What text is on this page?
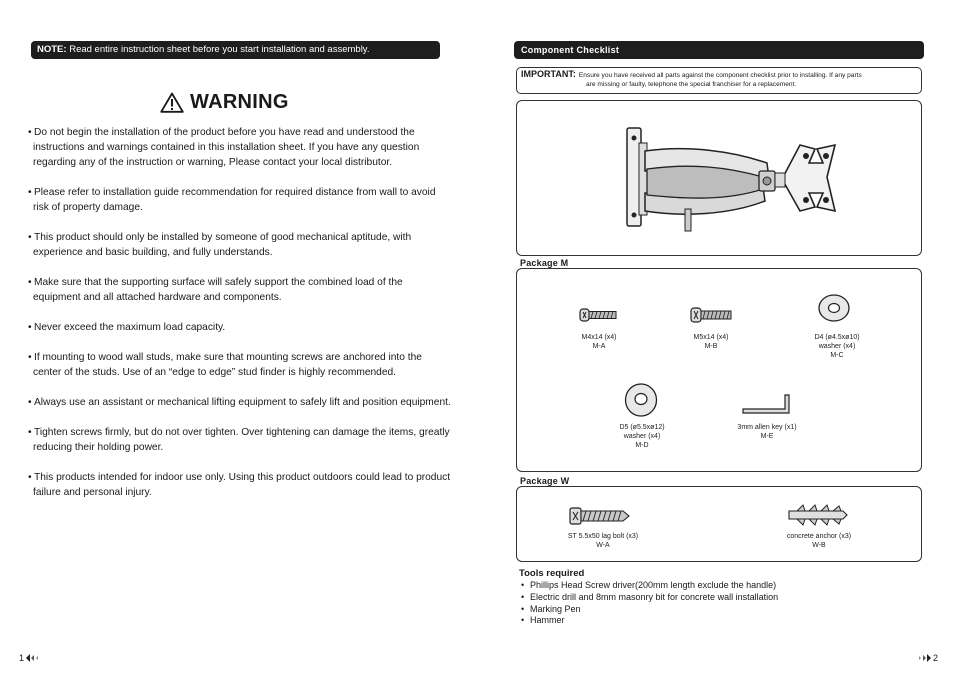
NOTE: Read entire instruction sheet before you start installation and assembly.
WARNING
• Do not begin the installation of the product before you have read and understood the instructions and warnings contained in this installation sheet. If you have any question regarding any of the instruction or warning, Please contact your local distributor.
• Please refer to installation guide recommendation for required distance from wall to avoid risk of property damage.
• This product should only be installed by someone of good mechanical aptitude, with experience and basic building, and fully understands.
• Make sure that the supporting surface will safely support the combined load of the equipment and all attached hardware and components.
• Never exceed the maximum load capacity.
• If mounting to wood wall studs, make sure that mounting screws are anchored into the center of the studs. Use of an “edge to edge” stud finder is highly recommended.
• Always use an assistant or mechanical lifting equipment to safely lift and position equipment.
• Tighten screws firmly, but do not over tighten. Over tightening can damage the items, greatly reducing their holding power.
• This products intended for indoor use only. Using this product outdoors could lead to product failure and personal injury.
1
Component Checklist
IMPORTANT: Ensure you have received all parts against the component checklist prior to installing. If any parts
are missing or faulty, telephone the special franchiser for a replacement.
Package M
M4x14 (x4)
M-A
M5x14 (x4)
M-B
D4 (ø4.5xø10)
washer (x4)
M-C
D5 (ø5.5xø12)
washer (x4)
M-D
3mm allen key (x1)
M-E
Package W
ST 5.5x50 lag bolt (x3)
W-A
concrete anchor (x3)
W-B
Tools required
• Phillips Head Screw driver(200mm length exclude the handle)
• Electric drill and 8mm masonry bit for concrete wall installation
• Marking Pen
• Hammer
2
